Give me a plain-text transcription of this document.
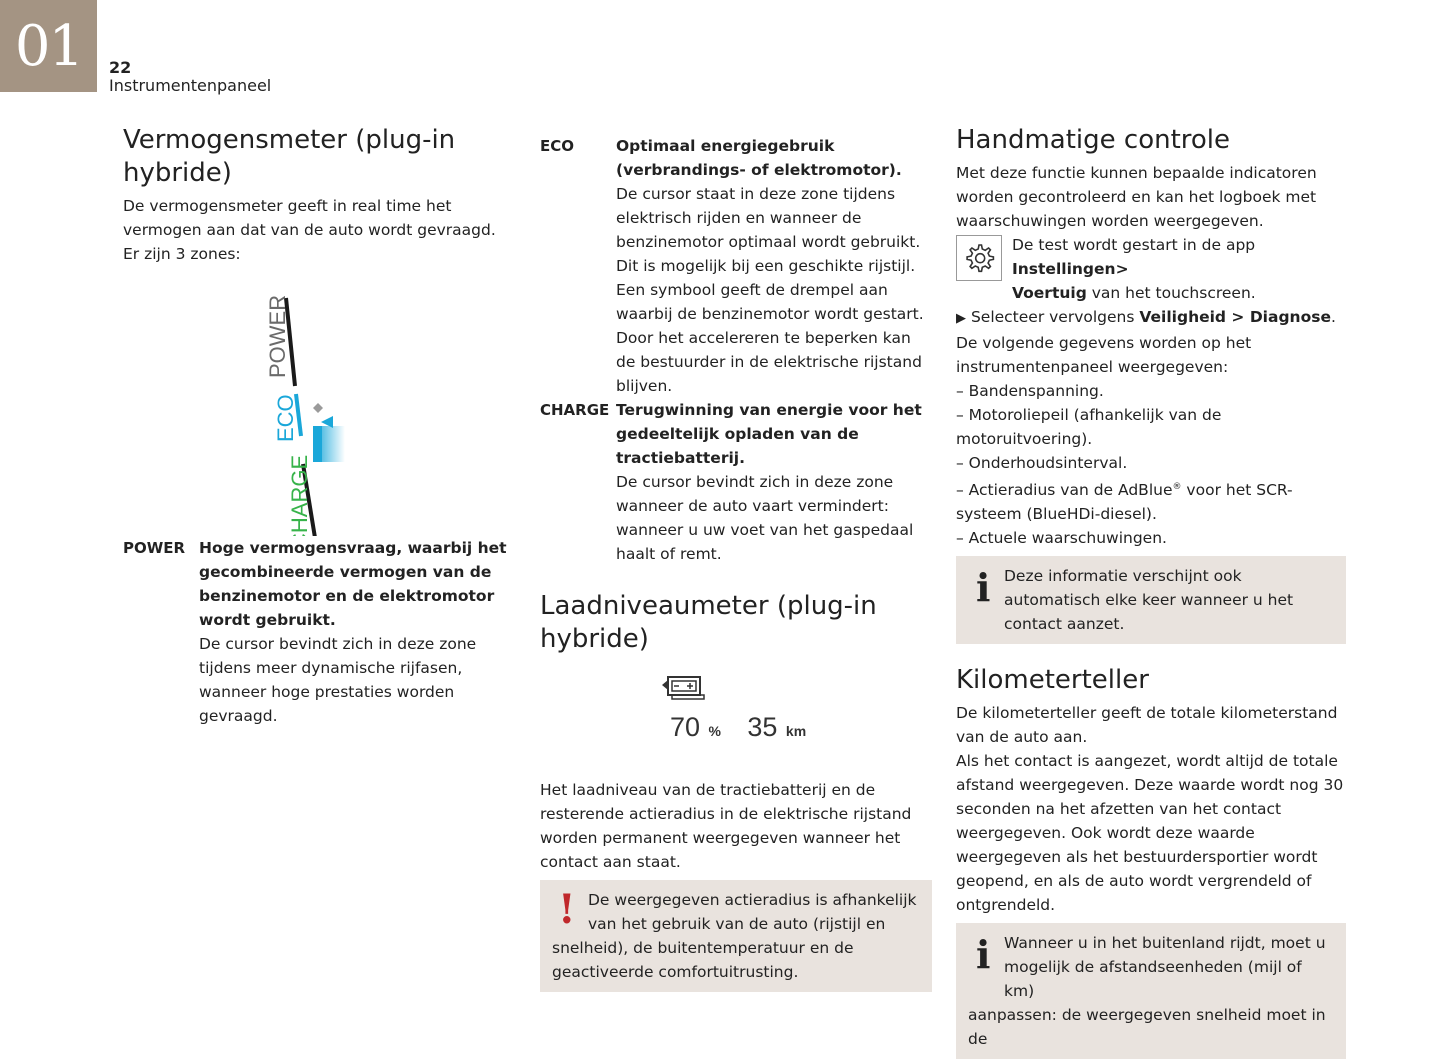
01	22
Instrumentenpaneel
Vermogensmeter (plug-in hybride)

De vermogensmeter geeft in real time het vermogen aan dat van de auto wordt gevraagd.

Er zijn 3 zones:

POWER
ECO
CHARGE
POWER Hoge vermogensvraag, waarbij het gecombineerde vermogen van de benzinemotor en de elektromotor wordt gebruikt.

De cursor bevindt zich in deze zone tijdens meer dynamische rijfasen, wanneer hoge prestaties worden gevraagd.

ECO	Optimaal energiegebruik (verbrandings- of elektromotor).

De cursor staat in deze zone tijdens elektrisch rijden en wanneer de benzinemotor optimaal wordt gebruikt. Dit is mogelijk bij een geschikte rijstijl.

Een symbool geeft de drempel aan waarbij de benzinemotor wordt gestart. Door het accelereren te beperken kan de bestuurder in de elektrische rijstand blijven.

CHARGE Terugwinning van energie voor het gedeeltelijk opladen van de tractiebatterij.

De cursor bevindt zich in deze zone wanneer de auto vaart vermindert: wanneer u uw voet van het gaspedaal haalt of remt.

Laadniveaumeter (plug-in hybride)
70 % 35 km

Het laadniveau van de tractiebatterij en de resterende actieradius in de elektrische rijstand worden permanent weergegeven wanneer het contact aan staat.

! De weergegeven actieradius is afhankelijk

van het gebruik van de auto (rijstijl en

snelheid), de buitentemperatuur en de geactiveerde comfortuitrusting.

Handmatige controle

Met deze functie kunnen bepaalde indicatoren worden gecontroleerd en kan het logboek met waarschuwingen worden weergegeven.

De test wordt gestart in de app Instellingen>
Voertuig van het touchscreen.

▶ Selecteer vervolgens Veiligheid > Diagnose.

De volgende gegevens worden op het instrumentenpaneel weergegeven:

– Bandenspanning.
– Motoroliepeil (afhankelijk van de motoruitvoering).
– Onderhoudsinterval.
– Actieradius van de AdBlue® voor het SCR-systeem (BlueHDi-diesel).
– Actuele waarschuwingen.
i Deze informatie verschijnt ook automatisch elke keer wanneer u het contact aanzet.

Kilometerteller

De kilometerteller geeft de totale kilometerstand van de auto aan.

Als het contact is aangezet, wordt altijd de totale afstand weergegeven. Deze waarde wordt nog 30 seconden na het afzetten van het contact weergegeven. Ook wordt deze waarde weergegeven als het bestuurdersportier wordt geopend, en als de auto wordt vergrendeld of ontgrendeld.

i Wanneer u in het buitenland rijdt, moet u

mogelijk de afstandseenheden (mijl of km)

aanpassen: de weergegeven snelheid moet in de
